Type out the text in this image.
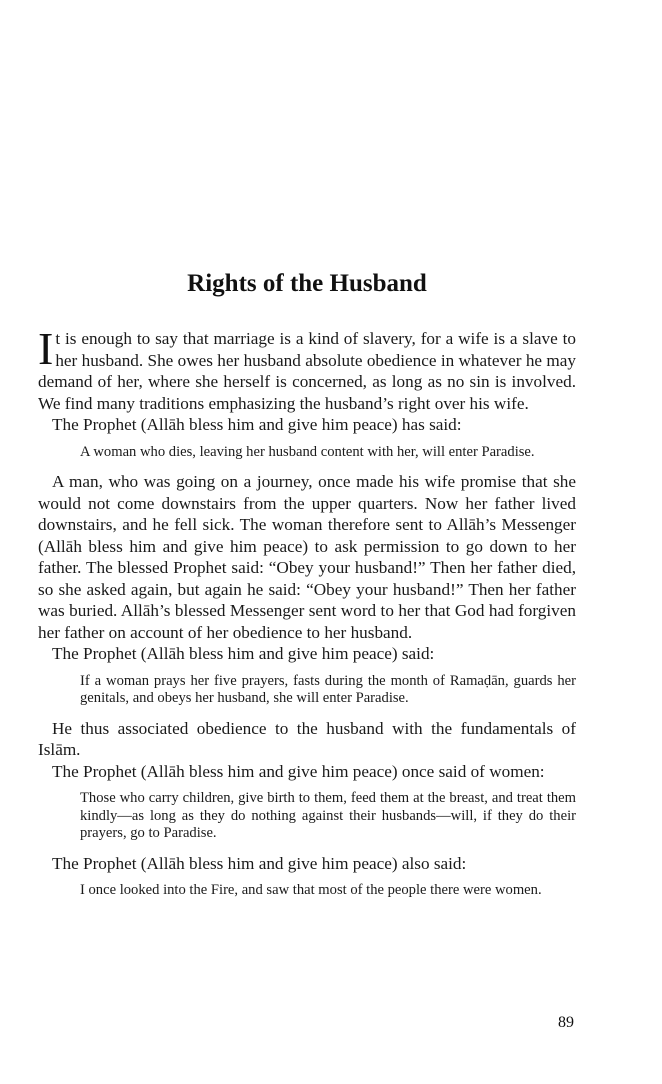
Rights of the Husband

It is enough to say that marriage is a kind of slavery, for a wife is a slave to her husband. She owes her husband absolute obedience in whatever he may demand of her, where she herself is concerned, as long as no sin is involved. We find many traditions emphasizing the husband’s right over his wife.

The Prophet (Allāh bless him and give him peace) has said:

A woman who dies, leaving her husband content with her, will enter Paradise.

A man, who was going on a journey, once made his wife promise that she would not come downstairs from the upper quarters. Now her father lived downstairs, and he fell sick. The woman therefore sent to Allāh’s Messenger (Allāh bless him and give him peace) to ask permission to go down to her father. The blessed Prophet said: “Obey your husband!” Then her father died, so she asked again, but again he said: “Obey your husband!” Then her father was buried. Allāh’s blessed Messenger sent word to her that God had forgiven her father on account of her obedience to her husband.

The Prophet (Allāh bless him and give him peace) said:

If a woman prays her five prayers, fasts during the month of Ramaḍān, guards her genitals, and obeys her husband, she will enter Paradise.

He thus associated obedience to the husband with the fundamentals of Islām.

The Prophet (Allāh bless him and give him peace) once said of women:

Those who carry children, give birth to them, feed them at the breast, and treat them kindly—as long as they do nothing against their husbands—will, if they do their prayers, go to Paradise.

The Prophet (Allāh bless him and give him peace) also said:

I once looked into the Fire, and saw that most of the people there were women.
89
